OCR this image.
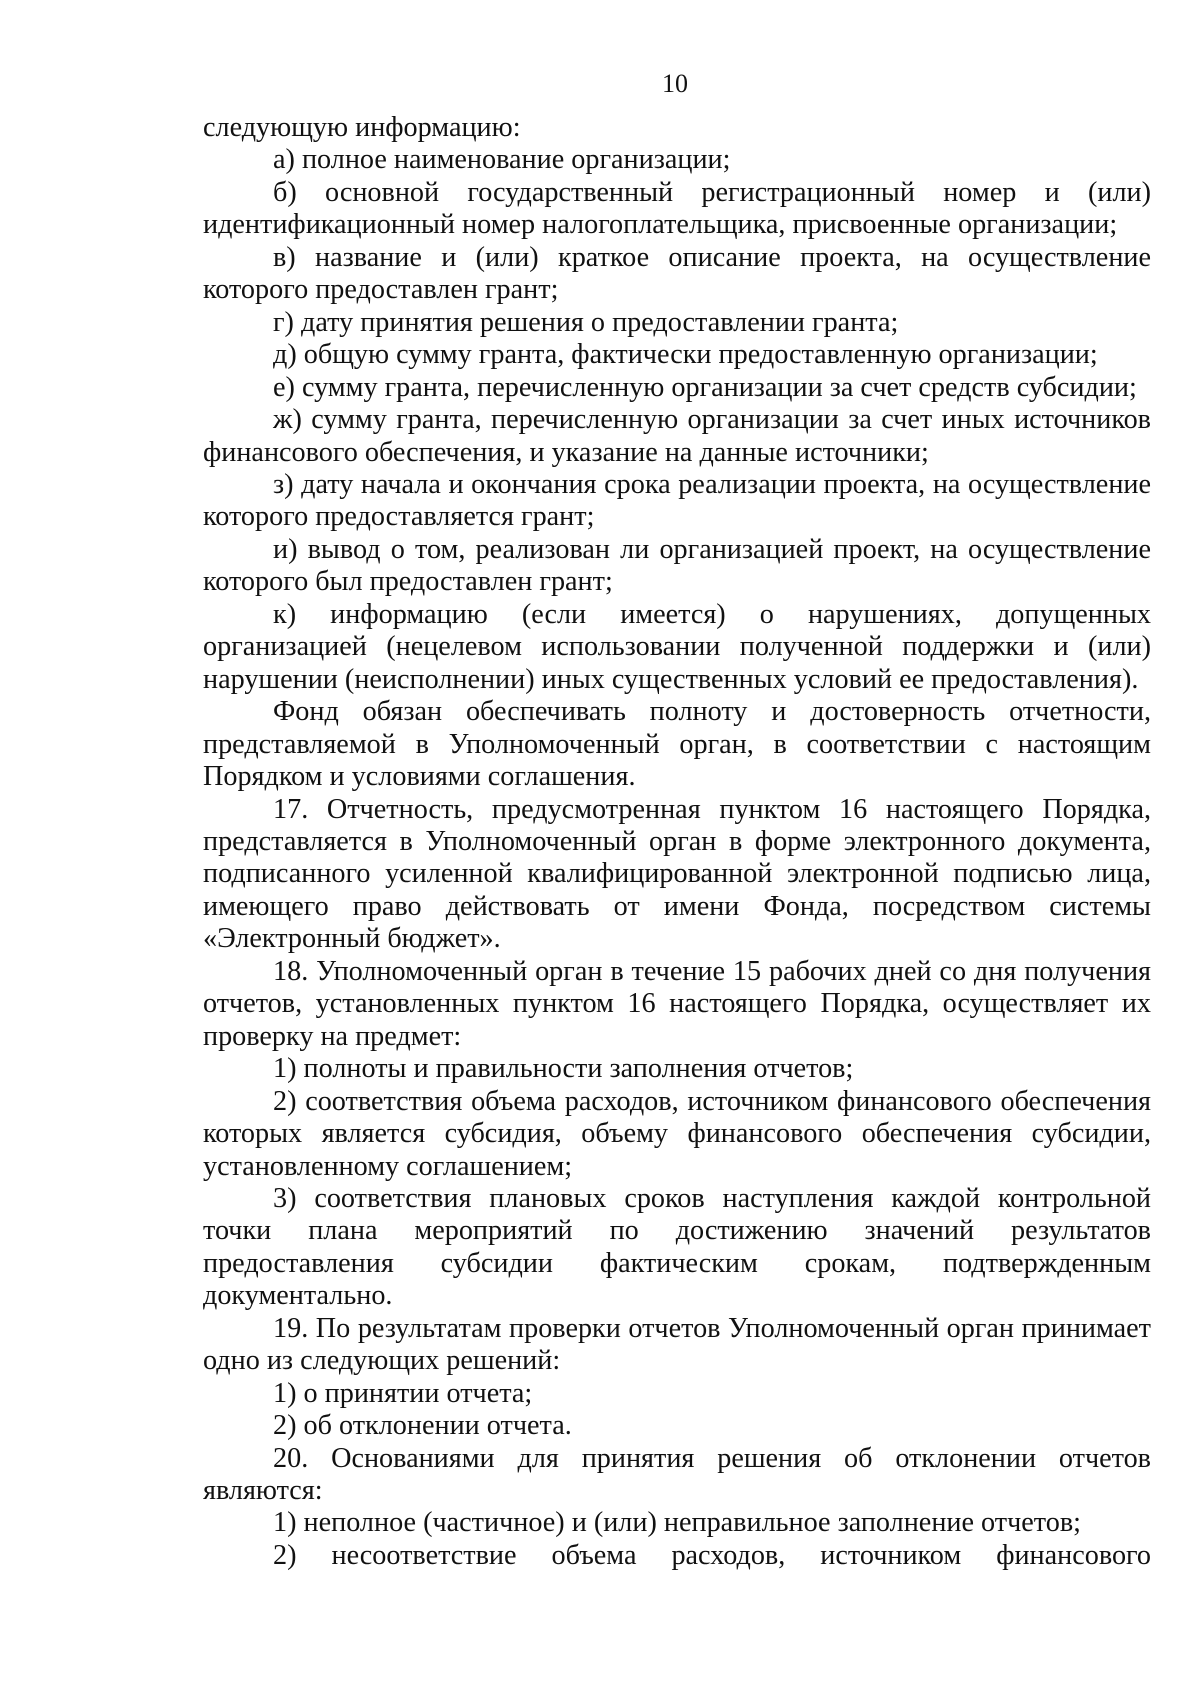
10

следующую информацию:

а) полное наименование организации;

б) основной государственный регистрационный номер и (или) идентификационный номер налогоплательщика, присвоенные организации;

в) название и (или) краткое описание проекта, на осуществление которого предоставлен грант;

г) дату принятия решения о предоставлении гранта;

д) общую сумму гранта, фактически предоставленную организации;

е) сумму гранта, перечисленную организации за счет средств субсидии;

ж) сумму гранта, перечисленную организации за счет иных источников финансового обеспечения, и указание на данные источники;

з) дату начала и окончания срока реализации проекта, на осуществление которого предоставляется грант;

и) вывод о том, реализован ли организацией проект, на осуществление которого был предоставлен грант;

к) информацию (если имеется) о нарушениях, допущенных организацией (нецелевом использовании полученной поддержки и (или) нарушении (неисполнении) иных существенных условий ее предоставления).

Фонд обязан обеспечивать полноту и достоверность отчетности, представляемой в Уполномоченный орган, в соответствии с настоящим Порядком и условиями соглашения.

17. Отчетность, предусмотренная пунктом 16 настоящего Порядка, представляется в Уполномоченный орган в форме электронного документа, подписанного усиленной квалифицированной электронной подписью лица, имеющего право действовать от имени Фонда, посредством системы «Электронный бюджет».

18. Уполномоченный орган в течение 15 рабочих дней со дня получения отчетов, установленных пунктом 16 настоящего Порядка, осуществляет их проверку на предмет:

1) полноты и правильности заполнения отчетов;

2) соответствия объема расходов, источником финансового обеспечения которых является субсидия, объему финансового обеспечения субсидии, установленному соглашением;

3) соответствия плановых сроков наступления каждой контрольной точки плана мероприятий по достижению значений результатов предоставления субсидии фактическим срокам, подтвержденным документально.

19. По результатам проверки отчетов Уполномоченный орган принимает одно из следующих решений:

1) о принятии отчета;

2) об отклонении отчета.

20. Основаниями для принятия решения об отклонении отчетов являются:

1) неполное (частичное) и (или) неправильное заполнение отчетов;

2) несоответствие объема расходов, источником финансового
